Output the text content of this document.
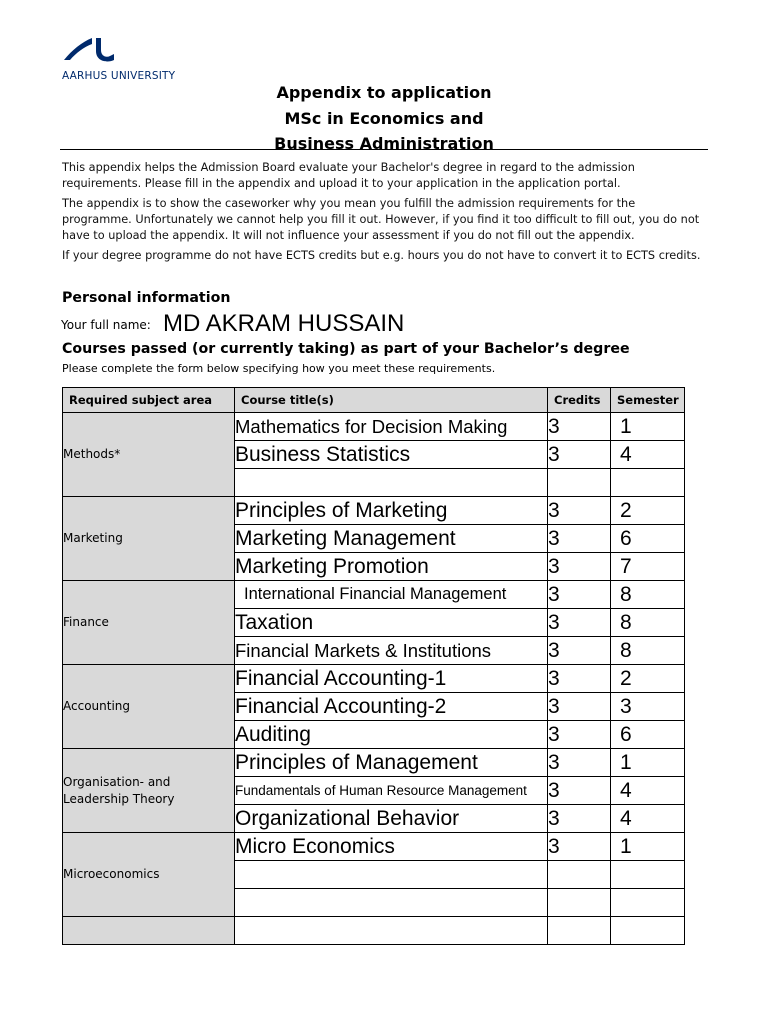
AARHUS UNIVERSITY
Appendix to application
MSc in Economics and
Business Administration
This appendix helps the Admission Board evaluate your Bachelor's degree in regard to the admission requirements. Please fill in the appendix and upload it to your application in the application portal.
The appendix is to show the caseworker why you mean you fulfill the admission requirements for the programme. Unfortunately we cannot help you fill it out. However, if you find it too difficult to fill out, you do not have to upload the appendix. It will not influence your assessment if you do not fill out the appendix.
If your degree programme do not have ECTS credits but e.g. hours you do not have to convert it to ECTS credits.
Personal information
Your full name: MD AKRAM HUSSAIN
Courses passed (or currently taking) as part of your Bachelor’s degree
Please complete the form below specifying how you meet these requirements.
Required subject area	Course title(s)	Credits	Semester
Methods*	Mathematics for Decision Making	3	1
	Business Statistics	3	4

Marketing	Principles of Marketing	3	2
	Marketing Management	3	6
	Marketing Promotion	3	7
Finance	International Financial Management	3	8
	Taxation	3	8
	Financial Markets & Institutions	3	8
Accounting	Financial Accounting-1	3	2
	Financial Accounting-2	3	3
	Auditing	3	6

Organisation- and
Leadership Theory	Principles of Management	3	1
	Fundamentals of Human Resource Management	3	4
	Organizational Behavior	3	4
Microeconomics	Micro Economics	3	1
